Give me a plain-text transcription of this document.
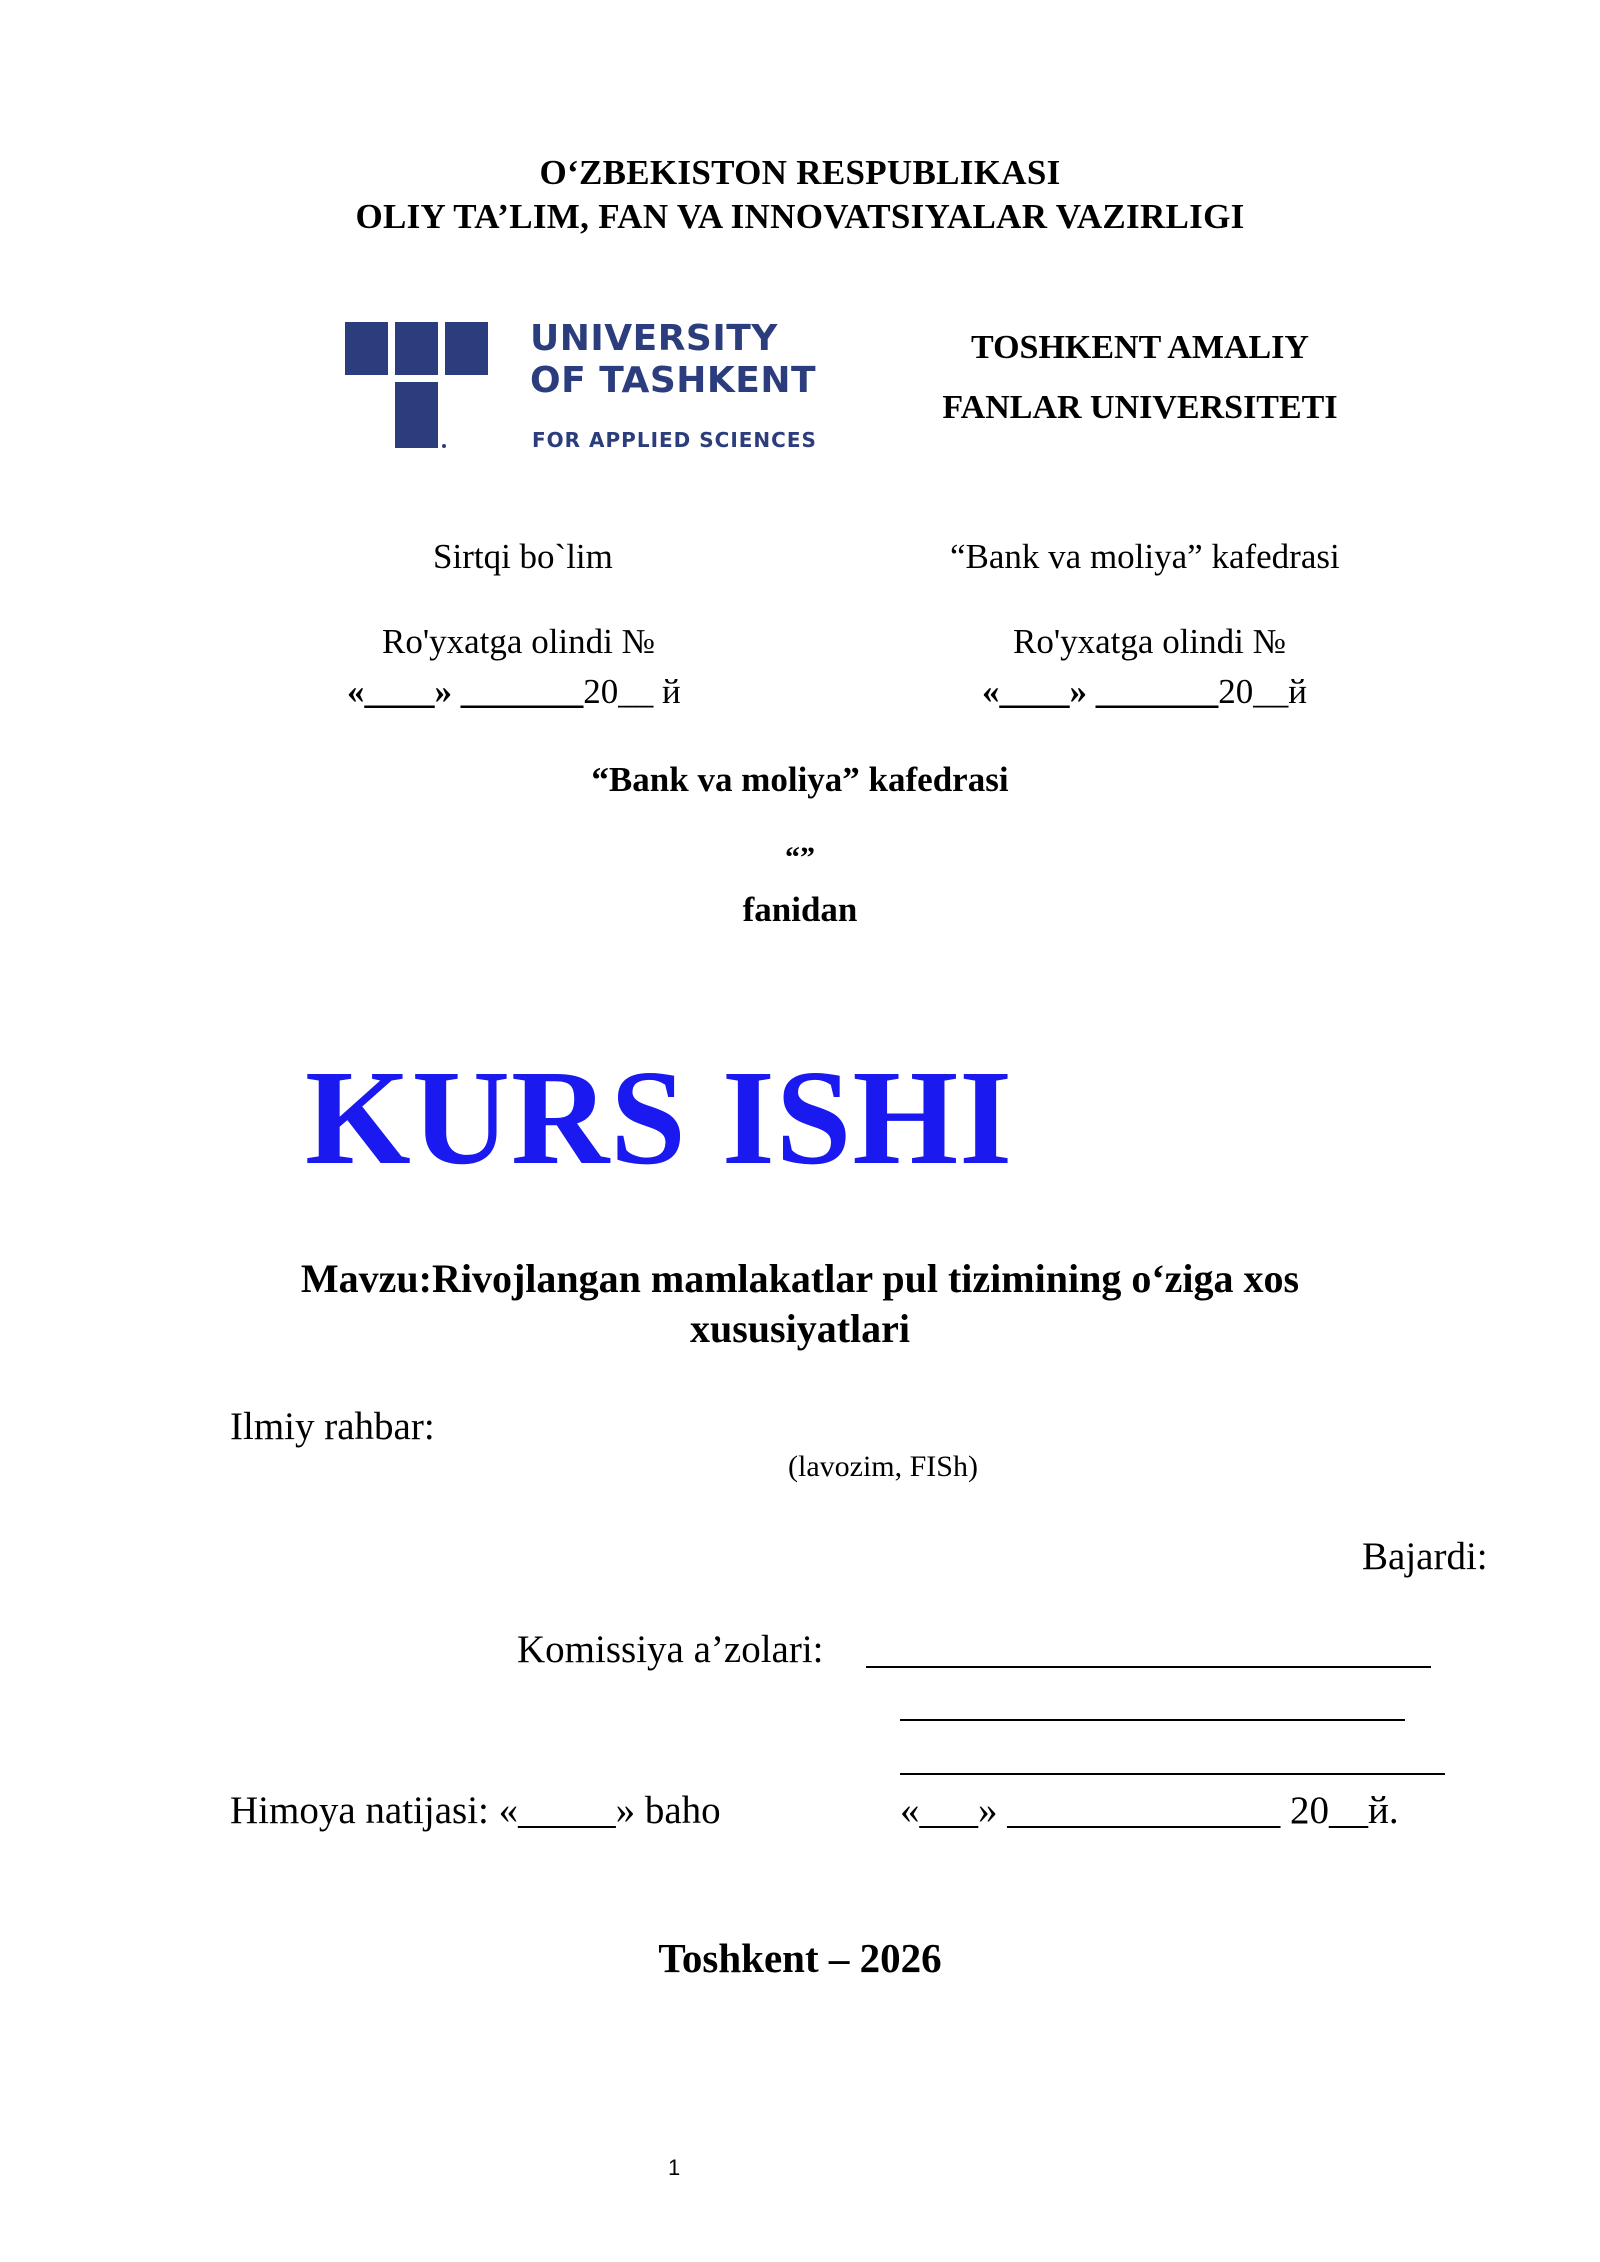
O‘ZBEKISTON RESPUBLIKASI
OLIY TA’LIM, FAN VA INNOVATSIYALAR VAZIRLIGI
UNIVERSITY
OF TASHKENT
FOR APPLIED SCIENCES
TOSHKENT AMALIY
FANLAR UNIVERSITETI
Sirtqi bo`lim
Ro'yxatga olindi №
«____» _______20__ й
“Bank va moliya” kafedrasi
Ro'yxatga olindi №
«____» _______20__й
“Bank va moliya” kafedrasi
“”
fanidan
KURS ISHI
Mavzu:Rivojlangan mamlakatlar pul tizimining o‘ziga xos
xususiyatlari
Ilmiy rahbar:
(lavozim, FISh)
Bajardi:
Komissiya a’zolari:
Himoya natijasi: «_____» baho	«___» ______________ 20__й.
Toshkent – 2026
1
